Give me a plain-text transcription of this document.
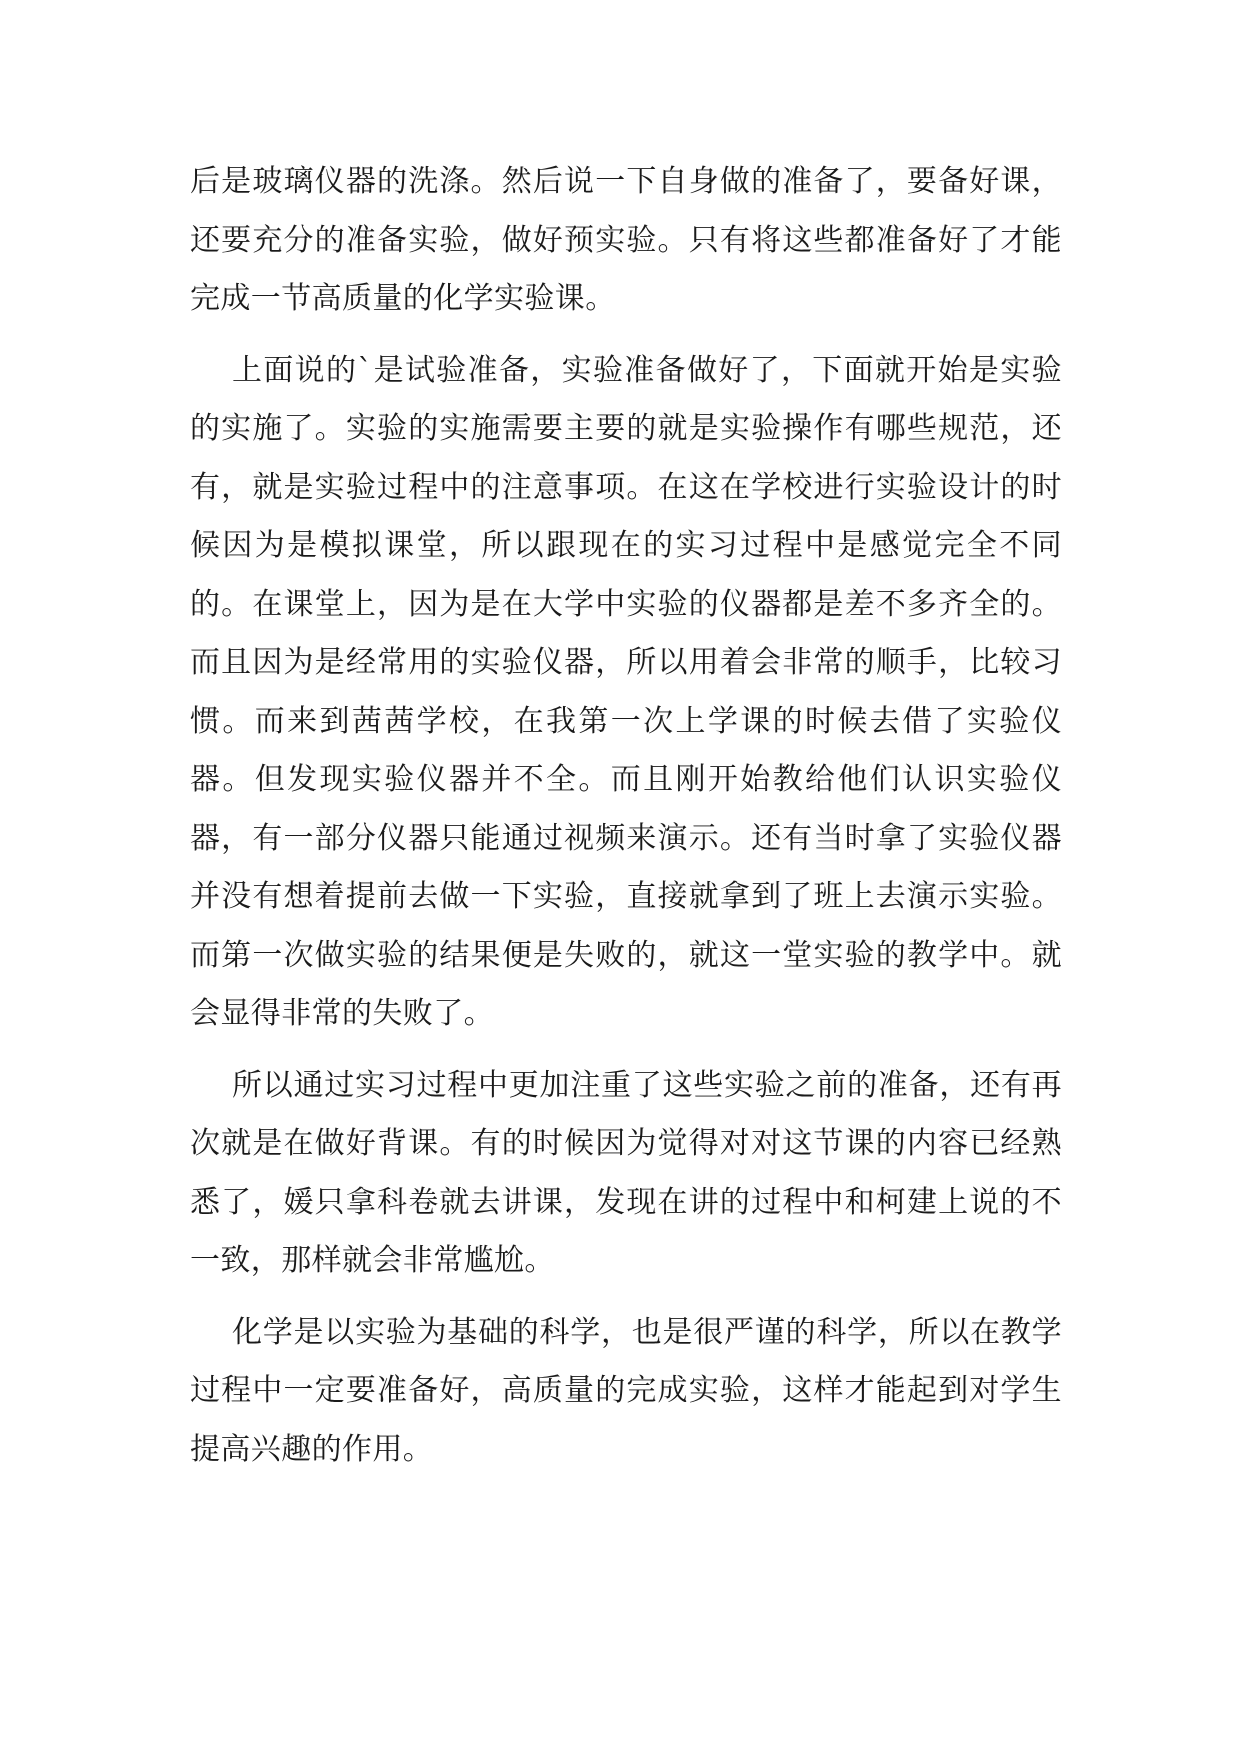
后是玻璃仪器的洗涤。然后说一下自身做的准备了，要备好课，还要充分的准备实验，做好预实验。只有将这些都准备好了才能完成一节高质量的化学实验课。

上面说的`是试验准备，实验准备做好了，下面就开始是实验的实施了。实验的实施需要主要的就是实验操作有哪些规范，还有，就是实验过程中的注意事项。在这在学校进行实验设计的时候因为是模拟课堂，所以跟现在的实习过程中是感觉完全不同的。在课堂上，因为是在大学中实验的仪器都是差不多齐全的。而且因为是经常用的实验仪器，所以用着会非常的顺手，比较习惯。而来到茜茜学校，在我第一次上学课的时候去借了实验仪器。但发现实验仪器并不全。而且刚开始教给他们认识实验仪器，有一部分仪器只能通过视频来演示。还有当时拿了实验仪器并没有想着提前去做一下实验，直接就拿到了班上去演示实验。而第一次做实验的结果便是失败的，就这一堂实验的教学中。就会显得非常的失败了。

所以通过实习过程中更加注重了这些实验之前的准备，还有再次就是在做好背课。有的时候因为觉得对对这节课的内容已经熟悉了，媛只拿科卷就去讲课，发现在讲的过程中和柯建上说的不一致，那样就会非常尴尬。

化学是以实验为基础的科学，也是很严谨的科学，所以在教学过程中一定要准备好，高质量的完成实验，这样才能起到对学生提高兴趣的作用。
